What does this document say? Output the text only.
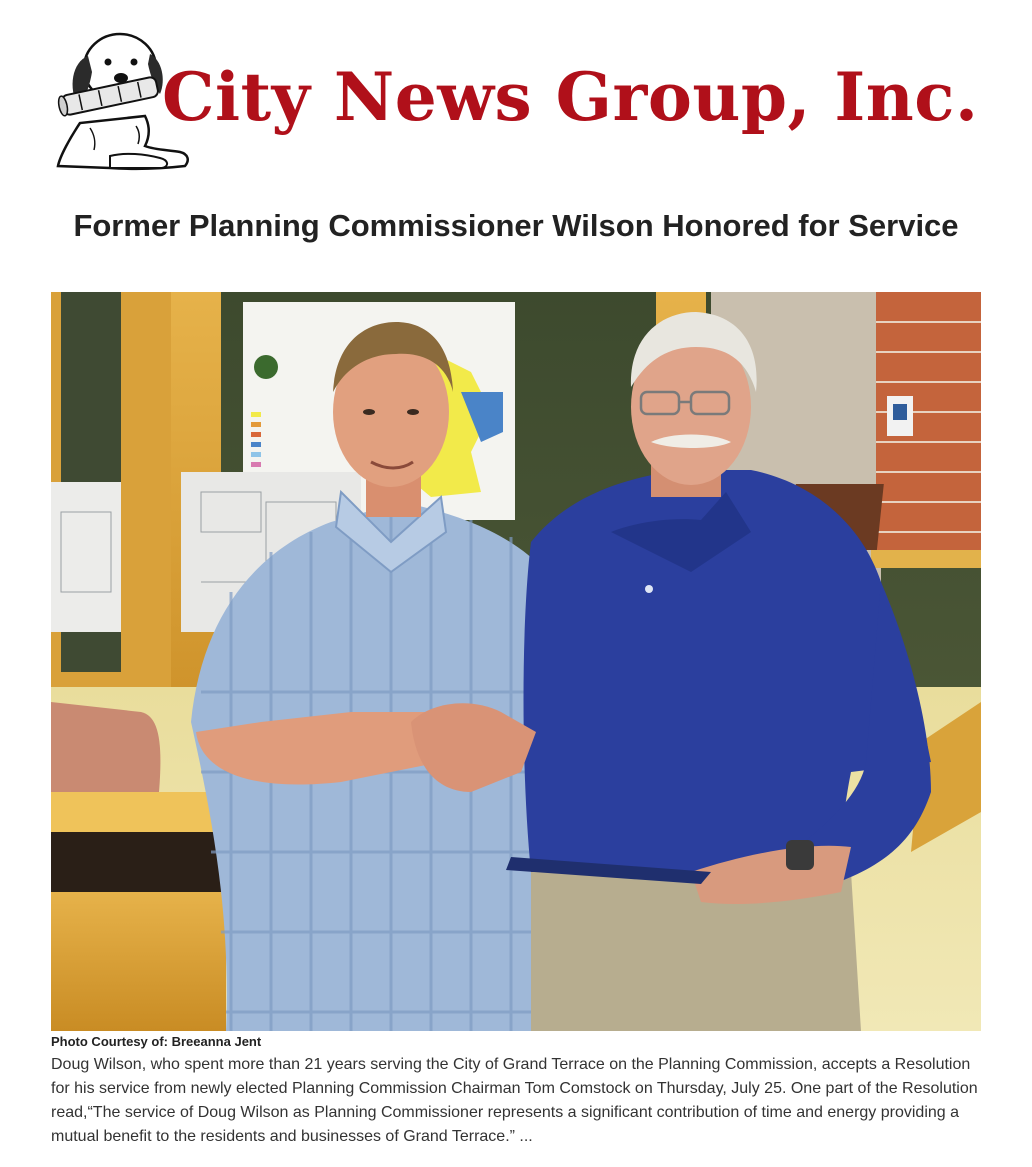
City News Group, Inc.
Former Planning Commissioner Wilson Honored for Service

Photo Courtesy of: Breeanna Jent

Doug Wilson, who spent more than 21 years serving the City of Grand Terrace on the Planning Commission, accepts a Resolution for his service from newly elected Planning Commission Chairman Tom Comstock on Thursday, July 25. One part of the Resolution read,“The service of Doug Wilson as Planning Commissioner represents a significant contribution of time and energy providing a mutual benefit to the residents and businesses of Grand Terrace.” ...
